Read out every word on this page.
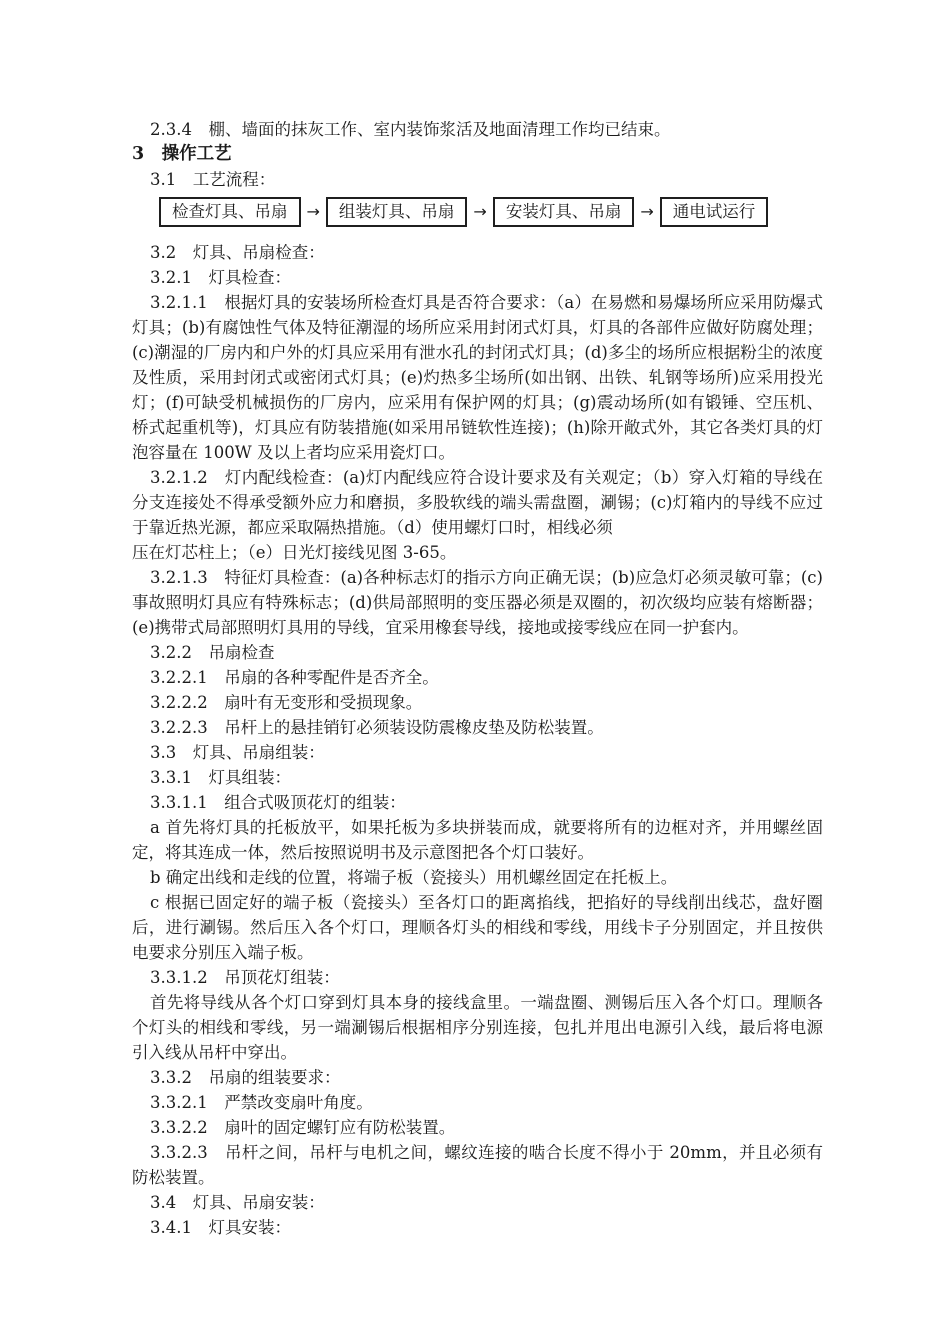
2.3.4　棚、墙面的抹灰工作、室内装饰浆活及地面清理工作均已结束。

3　操作工艺

3.1　工艺流程：

检查灯具、吊扇	→	组装灯具、吊扇	→	安装灯具、吊扇	→	通电试运行

3.2　灯具、吊扇检查：

3.2.1　灯具检查：

3.2.1.1　根据灯具的安装场所检查灯具是否符合要求：（a）在易燃和易爆场所应采用防爆式灯具；(b)有腐蚀性气体及特征潮湿的场所应采用封闭式灯具，灯具的各部件应做好防腐处理；(c)潮湿的厂房内和户外的灯具应采用有泄水孔的封闭式灯具；(d)多尘的场所应根据粉尘的浓度及性质，采用封闭式或密闭式灯具；(e)灼热多尘场所(如出钢、出铁、轧钢等场所)应采用投光灯；(f)可缺受机械损伤的厂房内，应采用有保护网的灯具；(g)震动场所(如有锻锤、空压机、桥式起重机等)，灯具应有防装措施(如采用吊链软性连接)；(h)除开敞式外，其它各类灯具的灯泡容量在 100W 及以上者均应采用瓷灯口。

3.2.1.2　灯内配线检查：(a)灯内配线应符合设计要求及有关观定；（b）穿入灯箱的导线在分支连接处不得承受额外应力和磨损，多股软线的端头需盘圈，涮锡；(c)灯箱内的导线不应过于靠近热光源，都应采取隔热措施。（d）使用螺灯口时，相线必须

压在灯芯柱上；（e）日光灯接线见图 3-65。

3.2.1.3　特征灯具检查：(a)各种标志灯的指示方向正确无误；(b)应急灯必须灵敏可靠；(c)事故照明灯具应有特殊标志；(d)供局部照明的变压器必须是双圈的，初次级均应装有熔断器；(e)携带式局部照明灯具用的导线，宜采用橡套导线，接地或接零线应在同一护套内。

3.2.2　吊扇检查

3.2.2.1　吊扇的各种零配件是否齐全。

3.2.2.2　扇叶有无变形和受损现象。

3.2.2.3　吊杆上的悬挂销钉必须装设防震橡皮垫及防松装置。

3.3　灯具、吊扇组装：

3.3.1　灯具组装：

3.3.1.1　组合式吸顶花灯的组装：

a 首先将灯具的托板放平，如果托板为多块拼装而成，就要将所有的边框对齐，并用螺丝固定，将其连成一体，然后按照说明书及示意图把各个灯口装好。

b 确定出线和走线的位置，将端子板（瓷接头）用机螺丝固定在托板上。

c 根据已固定好的端子板（瓷接头）至各灯口的距离掐线，把掐好的导线削出线芯，盘好圈后，进行涮锡。然后压入各个灯口，理顺各灯头的相线和零线，用线卡子分别固定，并且按供电要求分别压入端子板。

3.3.1.2　吊顶花灯组装：

首先将导线从各个灯口穿到灯具本身的接线盒里。一端盘圈、测锡后压入各个灯口。理顺各个灯头的相线和零线，另一端涮锡后根据相序分别连接，包扎并甩出电源引入线，最后将电源引入线从吊杆中穿出。

3.3.2　吊扇的组装要求：

3.3.2.1　严禁改变扇叶角度。

3.3.2.2　扇叶的固定螺钉应有防松装置。

3.3.2.3　吊杆之间，吊杆与电机之间，螺纹连接的啮合长度不得小于 20mm，并且必须有防松装置。

3.4　灯具、吊扇安装：

3.4.1　灯具安装：
